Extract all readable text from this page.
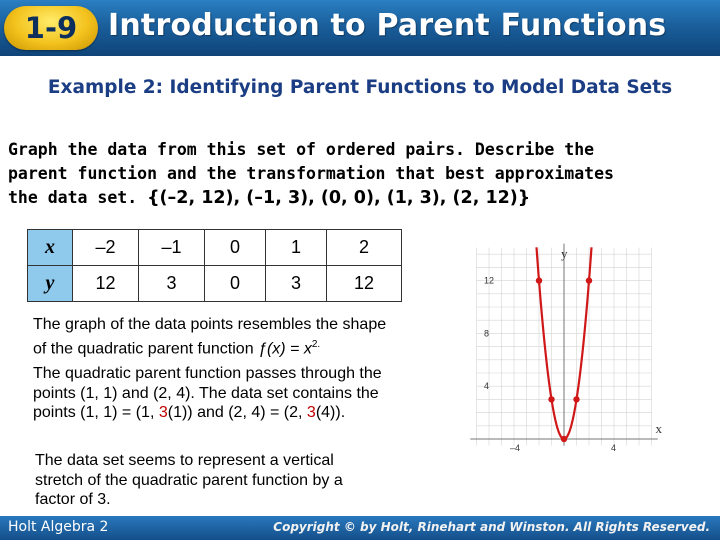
1-9	Introduction to Parent Functions
Example 2: Identifying Parent Functions to Model Data Sets
Graph the data from this set of ordered pairs. Describe the
parent function and the transformation that best approximates
the data set. {(–2, 12), (–1, 3), (0, 0), (1, 3), (2, 12)}
x	–2	–1	0	1	2
y	12	3	0	3	12
The graph of the data points resembles the shape
of the quadratic parent function ƒ(x) = $x^{2.}$
The quadratic parent function passes through the
points (1, 1) and (2, 4). The data set contains the
points (1, 1) = (1, 3(1)) and (2, 4) = (2, 3(4)).
The data set seems to represent a vertical
stretch of the quadratic parent function by a
factor of 3.
y
x
12
8
4
–4	4
Holt Algebra 2	Copyright © by Holt, Rinehart and Winston. All Rights Reserved.
